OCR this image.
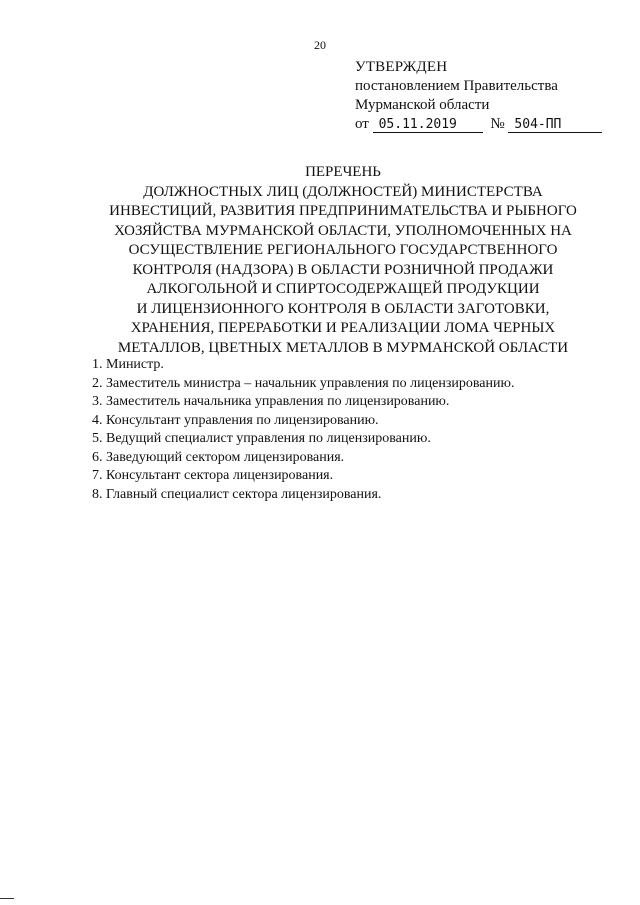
20
УТВЕРЖДЕН
постановлением Правительства
Мурманской области
от 05.11.2019 № 504-ПП
ПЕРЕЧЕНЬ
ДОЛЖНОСТНЫХ ЛИЦ (ДОЛЖНОСТЕЙ) МИНИСТЕРСТВА
ИНВЕСТИЦИЙ, РАЗВИТИЯ ПРЕДПРИНИМАТЕЛЬСТВА И РЫБНОГО
ХОЗЯЙСТВА МУРМАНСКОЙ ОБЛАСТИ, УПОЛНОМОЧЕННЫХ НА
ОСУЩЕСТВЛЕНИЕ РЕГИОНАЛЬНОГО ГОСУДАРСТВЕННОГО
КОНТРОЛЯ (НАДЗОРА) В ОБЛАСТИ РОЗНИЧНОЙ ПРОДАЖИ
АЛКОГОЛЬНОЙ И СПИРТОСОДЕРЖАЩЕЙ ПРОДУКЦИИ
И ЛИЦЕНЗИОННОГО КОНТРОЛЯ В ОБЛАСТИ ЗАГОТОВКИ,
ХРАНЕНИЯ, ПЕРЕРАБОТКИ И РЕАЛИЗАЦИИ ЛОМА ЧЕРНЫХ
МЕТАЛЛОВ, ЦВЕТНЫХ МЕТАЛЛОВ В МУРМАНСКОЙ ОБЛАСТИ
1. Министр.
2. Заместитель министра – начальник управления по лицензированию.
3. Заместитель начальника управления по лицензированию.
4. Консультант управления по лицензированию.
5. Ведущий специалист управления по лицензированию.
6. Заведующий сектором лицензирования.
7. Консультант сектора лицензирования.
8. Главный специалист сектора лицензирования.
